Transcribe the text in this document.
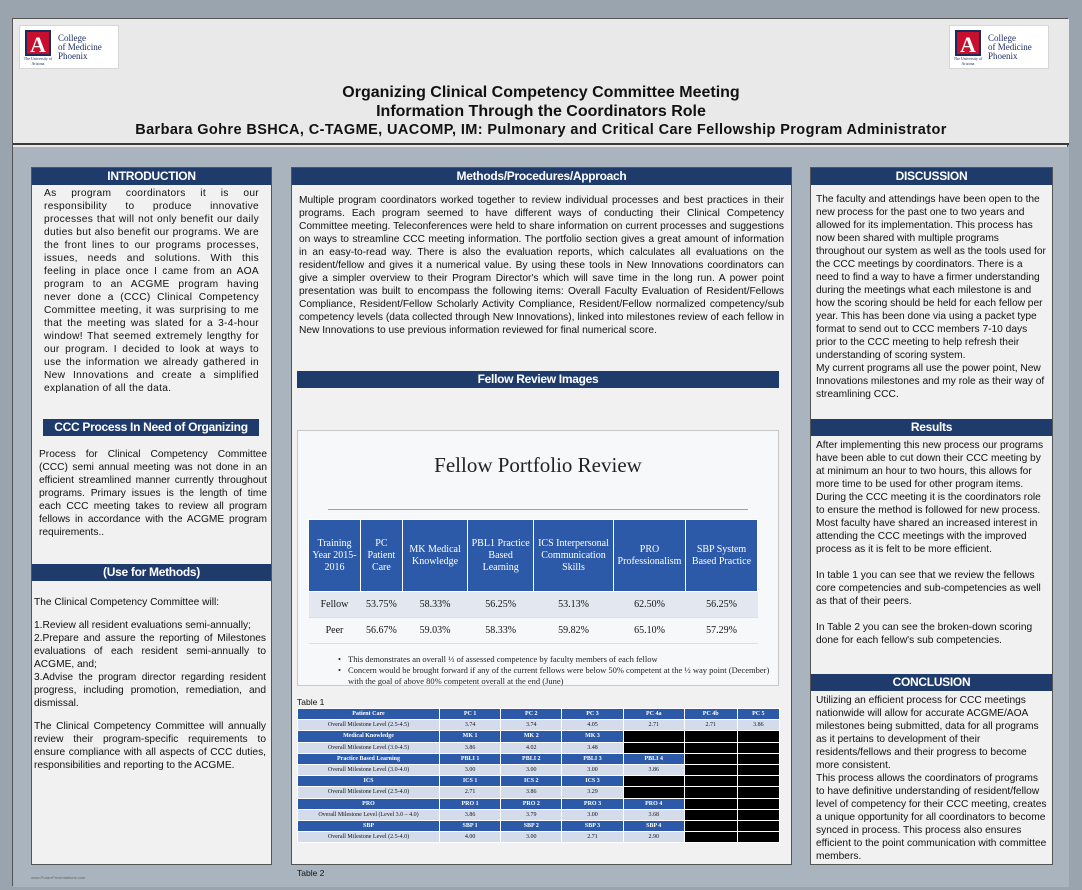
A
The University of Arizona
College
of Medicine
Phoenix	A
The University of Arizona
College
of Medicine
Phoenix
Organizing Clinical Competency Committee Meeting
Information Through the Coordinators Role
Barbara Gohre BSHCA, C-TAGME, UACOMP, IM: Pulmonary and Critical Care Fellowship Program Administrator
INTRODUCTION

As program coordinators it is our responsibility to produce innovative processes that will not only benefit our daily duties but also benefit our programs. We are the front lines to our programs processes, issues, needs and solutions. With this feeling in place once I came from an AOA program to an ACGME program having never done a (CCC) Clinical Competency Committee meeting, it was surprising to me that the meeting was slated for a 3-4-hour window! That seemed extremely lengthy for our program. I decided to look at ways to use the information we already gathered in New Innovations and create a simplified explanation of all the data.

CCC Process In Need of Organizing

Process for Clinical Competency Committee (CCC) semi annual meeting was not done in an efficient streamlined manner currently throughout programs. Primary issues is the length of time each CCC meeting takes to review all program fellows in accordance with the ACGME program requirements..

(Use for Methods)

The Clinical Competency Committee will:

1.Review all resident evaluations semi-annually;
2.Prepare and assure the reporting of Milestones evaluations of each resident semi-annually to ACGME, and;
3.Advise the program director regarding resident progress, including promotion, remediation, and dismissal.

The Clinical Competency Committee will annually review their program-specific requirements to ensure compliance with all aspects of CCC duties, responsibilities and reporting to the ACGME.

Methods/Procedures/Approach

Multiple program coordinators worked together to review individual processes and best practices in their programs. Each program seemed to have different ways of conducting their Clinical Competency Committee meeting. Teleconferences were held to share information on current processes and suggestions on ways to streamline CCC meeting information. The portfolio section gives a great amount of information in an easy-to-read way. There is also the evaluation reports, which calculates all evaluations on the resident/fellow and gives it a numerical value. By using these tools in New Innovations coordinators can give a simpler overview to their Program Director's which will save time in the long run. A power point presentation was built to encompass the following items: Overall Faculty Evaluation of Resident/Fellows Compliance, Resident/Fellow Scholarly Activity Compliance, Resident/Fellow normalized competency/sub competency levels (data collected through New Innovations), linked into milestones review of each fellow in New Innovations to use previous information reviewed for final numerical score.

Fellow Review Images
Fellow Portfolio Review
Training Year 2015-2016	PC Patient Care	MK Medical Knowledge	PBL1 Practice Based Learning	ICS Interpersonal Communication Skills	PRO Professionalism	SBP System Based Practice
Fellow	53.75%	58.33%	56.25%	53.13%	62.50%	56.25%
Peer	56.67%	59.03%	58.33%	59.82%	65.10%	57.29%
• This demonstrates an overall ⅓ of assessed competence by faculty members of each fellow
• Concern would be brought forward if any of the current fellows were below 50% competent at the ½ way point (December) with the goal of above 80% competent overall at the end (June)
Table 1
Patient Care	PC 1	PC 2	PC 3	PC 4a	PC 4b	PC 5
Overall Milestone Level (2.5-4.5)	3.74	3.74	4.05	2.71	2.71	3.86
Medical Knowledge	MK 1	MK 2	MK 3			
Overall Milestone Level (3.0-4.5)	3.86	4.02	3.48			
Practice Based Learning	PBLI 1	PBLI 2	PBLI 3	PBLI 4		
Overall Milestone Level (3.0-4.0)	3.00	3.00	3.00	3.86		
ICS	ICS 1	ICS 2	ICS 3			
Overall Milestone Level (2.5-4.0)	2.71	3.86	3.29			
PRO	PRO 1	PRO 2	PRO 3	PRO 4		
Overall Milestone Level (Level 3.0 – 4.0)	3.86	3.79	3.00	3.68		
SBP	SBP 1	SBP 2	SBP 3	SBP 4		
Overall Milestone Level (2.5-4.0)	4.00	3.00	2.71	2.90		
Table 2
DISCUSSION

The faculty and attendings have been open to the new process for the past one to two years and allowed for its implementation. This process has now been shared with multiple programs throughout our system as well as the tools used for the CCC meetings by coordinators. There is a need to find a way to have a firmer understanding during the meetings what each milestone is and how the scoring should be held for each fellow per year. This has been done via using a packet type format to send out to CCC members 7-10 days prior to the CCC meeting to help refresh their understanding of scoring system.

My current programs all use the power point, New Innovations milestones and my role as their way of streamlining CCC.

Results

After implementing this new process our programs have been able to cut down their CCC meeting by at minimum an hour to two hours, this allows for more time to be used for other program items. During the CCC meeting it is the coordinators role to ensure the method is followed for new process. Most faculty have shared an increased interest in attending the CCC meetings with the improved process as it is felt to be more efficient.

In table 1 you can see that we review the fellows core competencies and sub-competencies as well as that of their peers.

In Table 2 you can see the broken-down scoring done for each fellow's sub competencies.

CONCLUSION

Utilizing an efficient process for CCC meetings nationwide will allow for accurate ACGME/AOA milestones being submitted, data for all programs as it pertains to development of their residents/fellows and their progress to become more consistent.

This process allows the coordinators of programs to have definitive understanding of resident/fellow level of competency for their CCC meeting, creates a unique opportunity for all coordinators to become synced in process. This process also ensures efficient to the point communication with committee members.

www.PosterPresentations.com
